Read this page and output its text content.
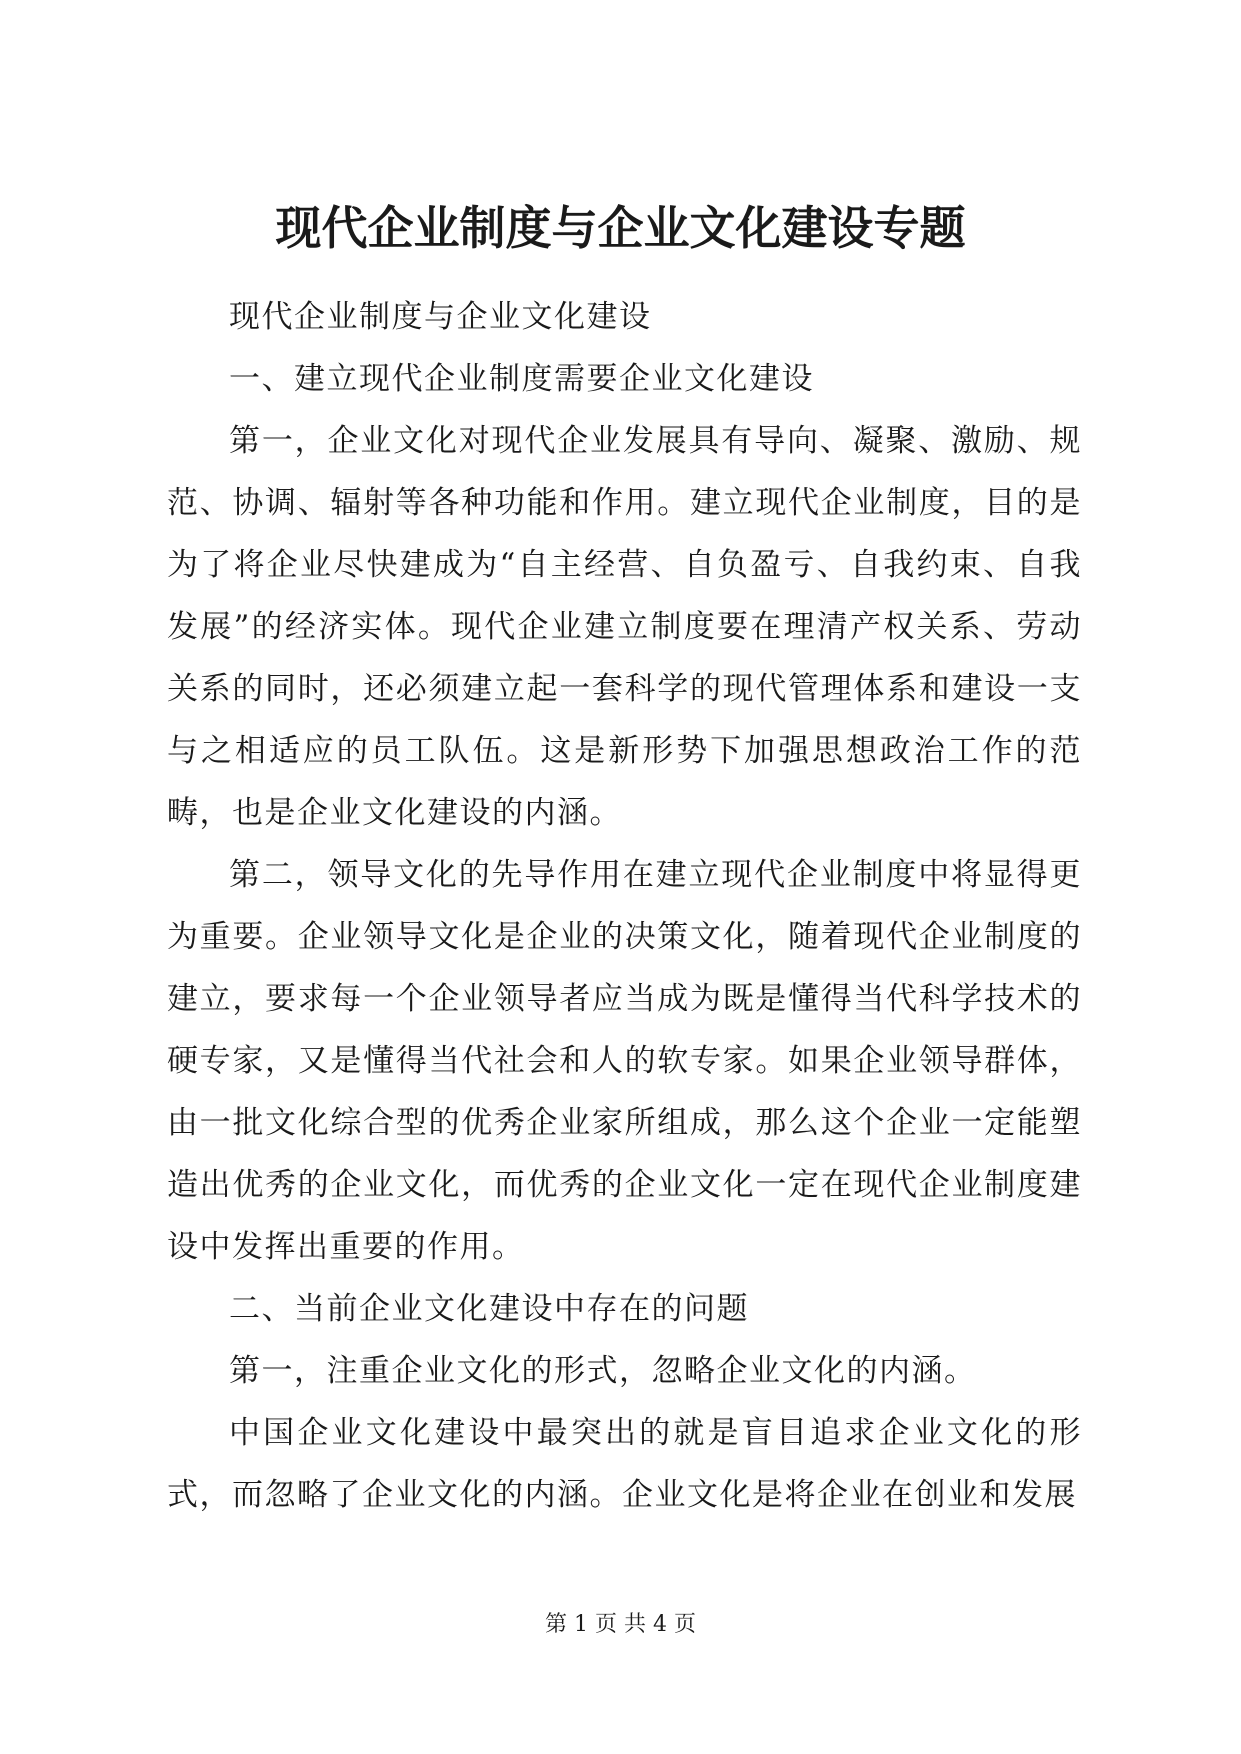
现代企业制度与企业文化建设专题

现代企业制度与企业文化建设

一、建立现代企业制度需要企业文化建设

第一，企业文化对现代企业发展具有导向、凝聚、激励、规范、协调、辐射等各种功能和作用。建立现代企业制度，目的是为了将企业尽快建成为“自主经营、自负盈亏、自我约束、自我发展”的经济实体。现代企业建立制度要在理清产权关系、劳动关系的同时，还必须建立起一套科学的现代管理体系和建设一支与之相适应的员工队伍。这是新形势下加强思想政治工作的范畴，也是企业文化建设的内涵。

第二，领导文化的先导作用在建立现代企业制度中将显得更为重要。企业领导文化是企业的决策文化，随着现代企业制度的建立，要求每一个企业领导者应当成为既是懂得当代科学技术的硬专家，又是懂得当代社会和人的软专家。如果企业领导群体，由一批文化综合型的优秀企业家所组成，那么这个企业一定能塑造出优秀的企业文化，而优秀的企业文化一定在现代企业制度建设中发挥出重要的作用。

二、当前企业文化建设中存在的问题

第一，注重企业文化的形式，忽略企业文化的内涵。

中国企业文化建设中最突出的就是盲目追求企业文化的形式，而忽略了企业文化的内涵。企业文化是将企业在创业和发展

第 1 页 共 4 页
